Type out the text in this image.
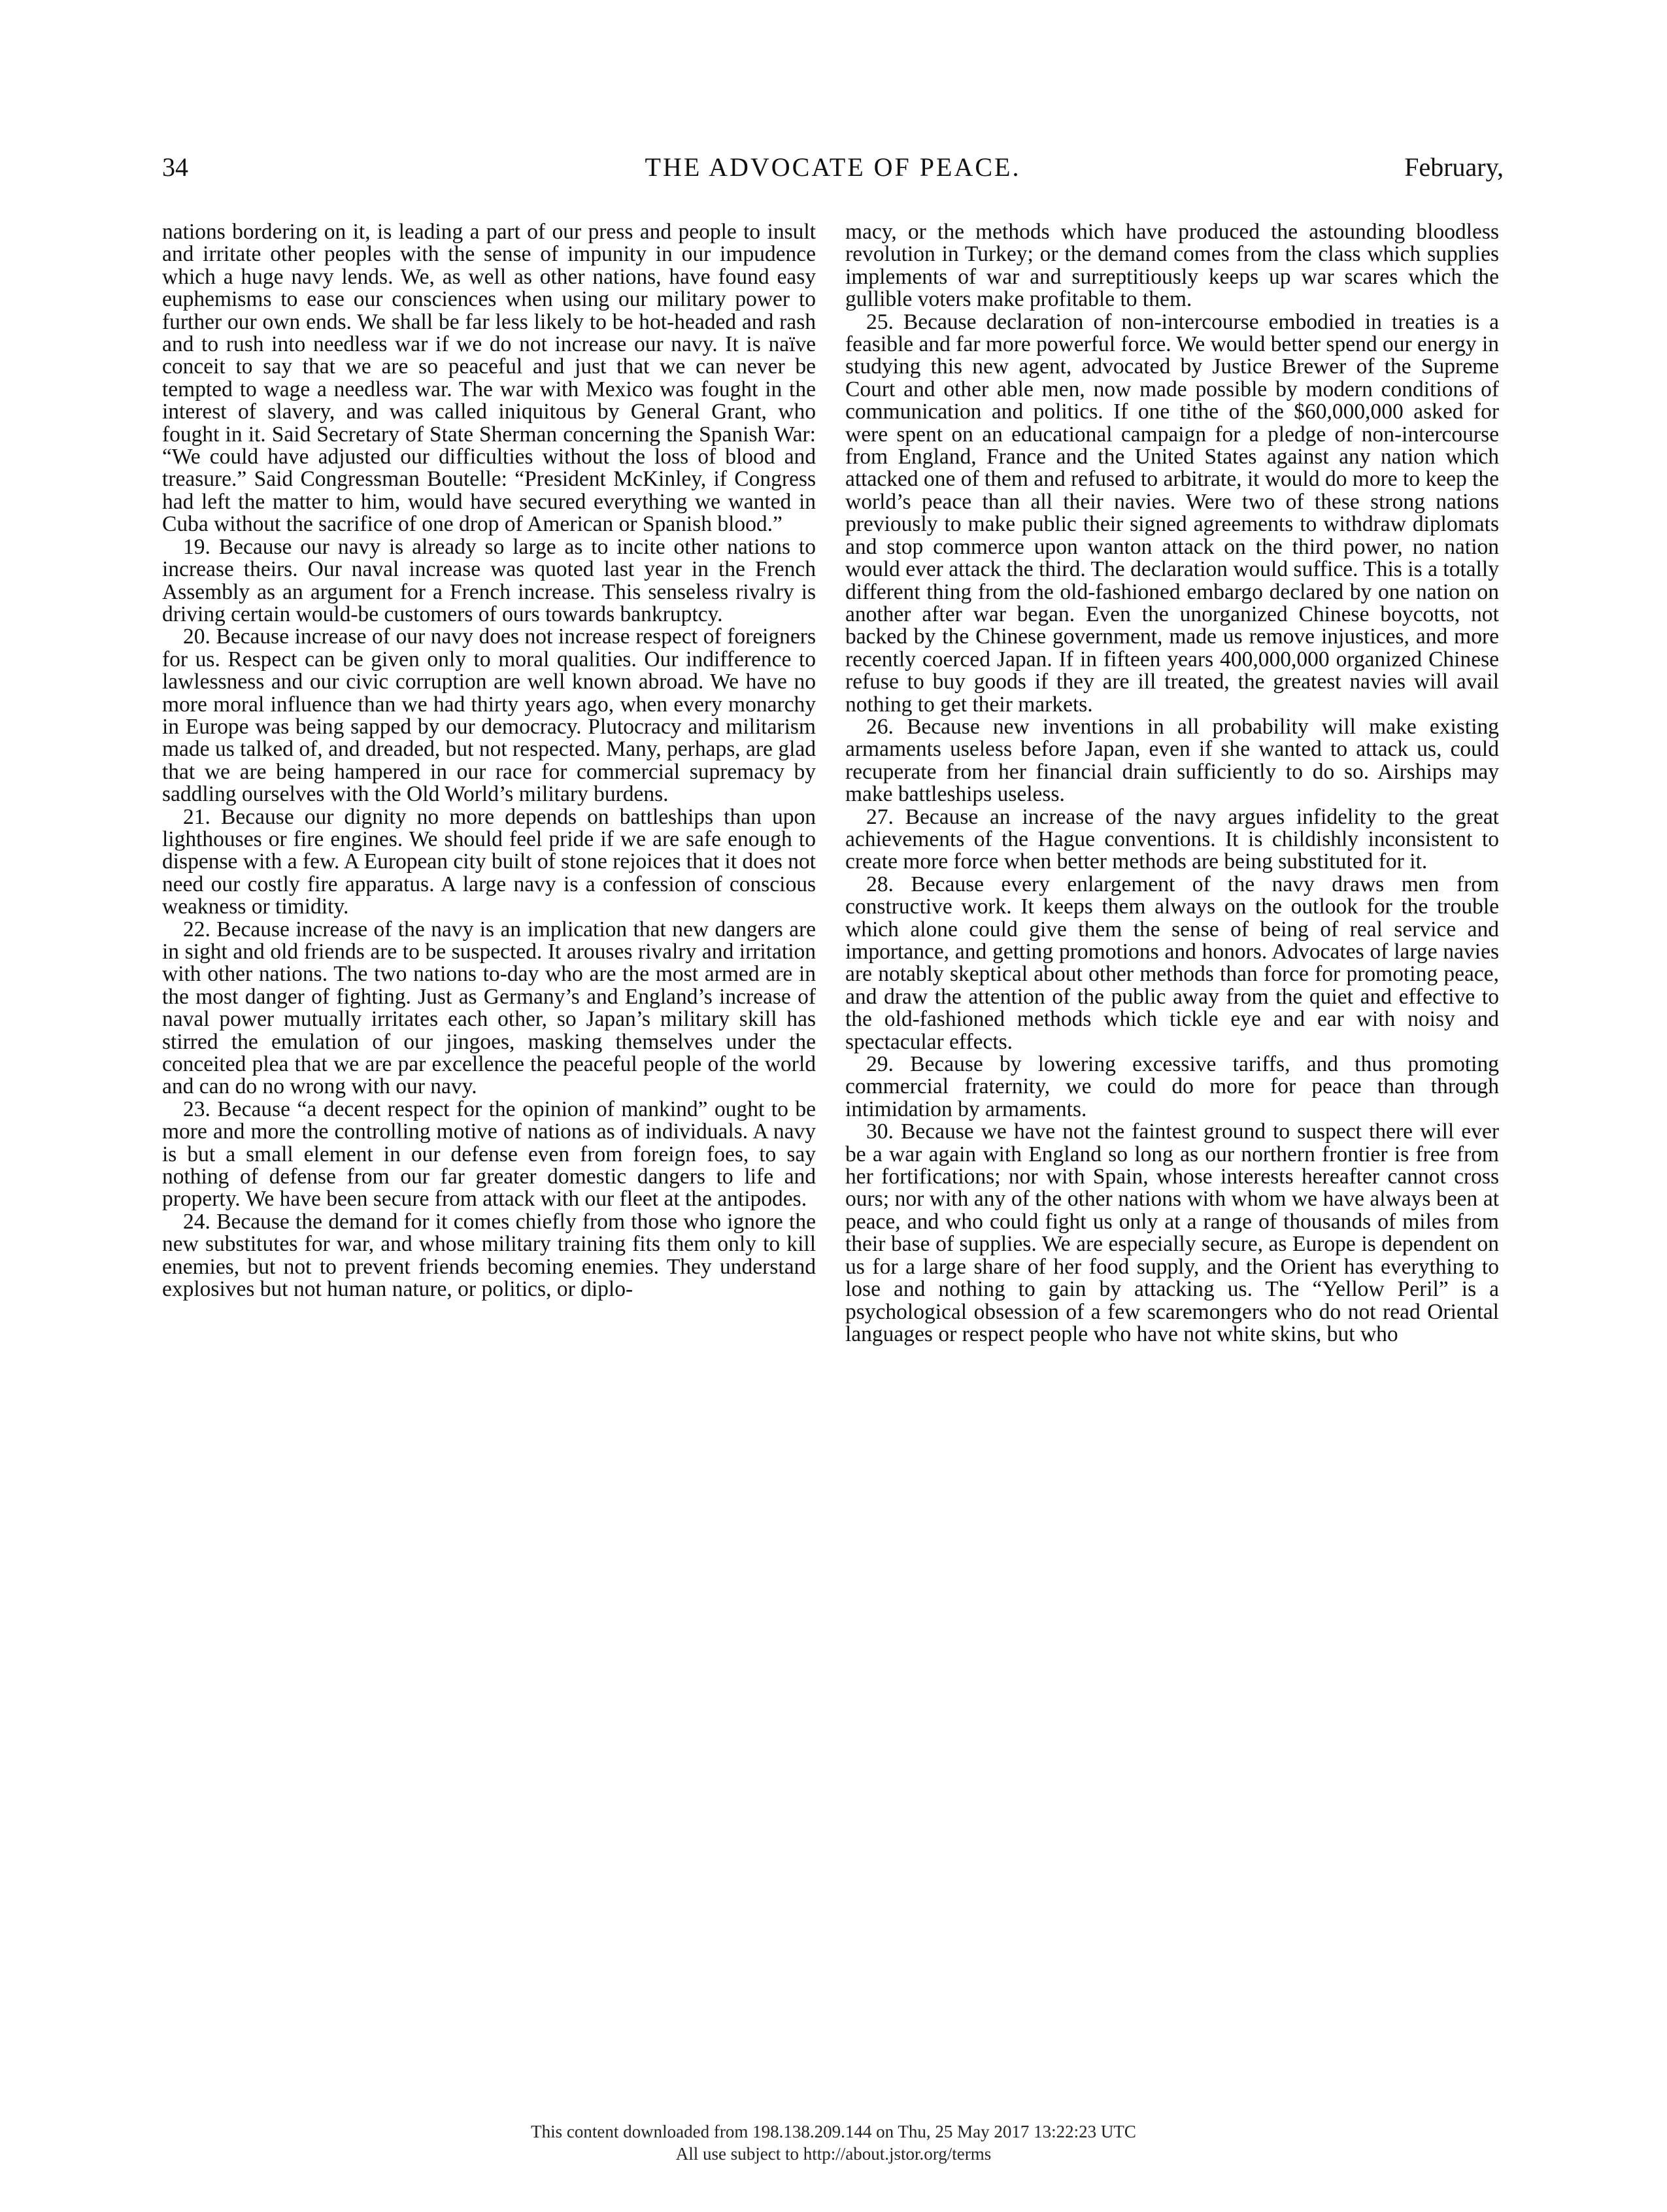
34	THE ADVOCATE OF PEACE.	February,

nations bordering on it, is leading a part of our press and people to insult and irritate other peoples with the sense of impunity in our impudence which a huge navy lends. We, as well as other nations, have found easy euphemisms to ease our consciences when using our military power to further our own ends. We shall be far less likely to be hot-headed and rash and to rush into needless war if we do not increase our navy. It is naïve conceit to say that we are so peaceful and just that we can never be tempted to wage a needless war. The war with Mexico was fought in the interest of slavery, and was called iniquitous by General Grant, who fought in it. Said Secretary of State Sherman concerning the Spanish War: “We could have adjusted our difficulties without the loss of blood and treasure.” Said Congressman Boutelle: “President McKinley, if Congress had left the matter to him, would have secured everything we wanted in Cuba without the sacrifice of one drop of American or Spanish blood.”

19. Because our navy is already so large as to incite other nations to increase theirs. Our naval increase was quoted last year in the French Assembly as an argument for a French increase. This senseless rivalry is driving certain would-be customers of ours towards bankruptcy.

20. Because increase of our navy does not increase respect of foreigners for us. Respect can be given only to moral qualities. Our indifference to lawlessness and our civic corruption are well known abroad. We have no more moral influence than we had thirty years ago, when every monarchy in Europe was being sapped by our democracy. Plutocracy and militarism made us talked of, and dreaded, but not respected. Many, perhaps, are glad that we are being hampered in our race for commercial supremacy by saddling ourselves with the Old World’s military burdens.

21. Because our dignity no more depends on battleships than upon lighthouses or fire engines. We should feel pride if we are safe enough to dispense with a few. A European city built of stone rejoices that it does not need our costly fire apparatus. A large navy is a confession of conscious weakness or timidity.

22. Because increase of the navy is an implication that new dangers are in sight and old friends are to be suspected. It arouses rivalry and irritation with other nations. The two nations to-day who are the most armed are in the most danger of fighting. Just as Germany’s and England’s increase of naval power mutually irritates each other, so Japan’s military skill has stirred the emulation of our jingoes, masking themselves under the conceited plea that we are par excellence the peaceful people of the world and can do no wrong with our navy.

23. Because “a decent respect for the opinion of mankind” ought to be more and more the controlling motive of nations as of individuals. A navy is but a small element in our defense even from foreign foes, to say nothing of defense from our far greater domestic dangers to life and property. We have been secure from attack with our fleet at the antipodes.

24. Because the demand for it comes chiefly from those who ignore the new substitutes for war, and whose military training fits them only to kill enemies, but not to prevent friends becoming enemies. They understand explosives but not human nature, or politics, or diplo-

macy, or the methods which have produced the astounding bloodless revolution in Turkey; or the demand comes from the class which supplies implements of war and surreptitiously keeps up war scares which the gullible voters make profitable to them.

25. Because declaration of non-intercourse embodied in treaties is a feasible and far more powerful force. We would better spend our energy in studying this new agent, advocated by Justice Brewer of the Supreme Court and other able men, now made possible by modern conditions of communication and politics. If one tithe of the $60,000,000 asked for were spent on an educational campaign for a pledge of non-intercourse from England, France and the United States against any nation which attacked one of them and refused to arbitrate, it would do more to keep the world’s peace than all their navies. Were two of these strong nations previously to make public their signed agreements to withdraw diplomats and stop commerce upon wanton attack on the third power, no nation would ever attack the third. The declaration would suffice. This is a totally different thing from the old-fashioned embargo declared by one nation on another after war began. Even the unorganized Chinese boycotts, not backed by the Chinese government, made us remove injustices, and more recently coerced Japan. If in fifteen years 400,000,000 organized Chinese refuse to buy goods if they are ill treated, the greatest navies will avail nothing to get their markets.

26. Because new inventions in all probability will make existing armaments useless before Japan, even if she wanted to attack us, could recuperate from her financial drain sufficiently to do so. Airships may make battleships useless.

27. Because an increase of the navy argues infidelity to the great achievements of the Hague conventions. It is childishly inconsistent to create more force when better methods are being substituted for it.

28. Because every enlargement of the navy draws men from constructive work. It keeps them always on the outlook for the trouble which alone could give them the sense of being of real service and importance, and getting promotions and honors. Advocates of large navies are notably skeptical about other methods than force for promoting peace, and draw the attention of the public away from the quiet and effective to the old-fashioned methods which tickle eye and ear with noisy and spectacular effects.

29. Because by lowering excessive tariffs, and thus promoting commercial fraternity, we could do more for peace than through intimidation by armaments.

30. Because we have not the faintest ground to suspect there will ever be a war again with England so long as our northern frontier is free from her fortifications; nor with Spain, whose interests hereafter cannot cross ours; nor with any of the other nations with whom we have always been at peace, and who could fight us only at a range of thousands of miles from their base of supplies. We are especially secure, as Europe is dependent on us for a large share of her food supply, and the Orient has everything to lose and nothing to gain by attacking us. The “Yellow Peril” is a psychological obsession of a few scaremongers who do not read Oriental languages or respect people who have not white skins, but who

This content downloaded from 198.138.209.144 on Thu, 25 May 2017 13:22:23 UTC
All use subject to http://about.jstor.org/terms
